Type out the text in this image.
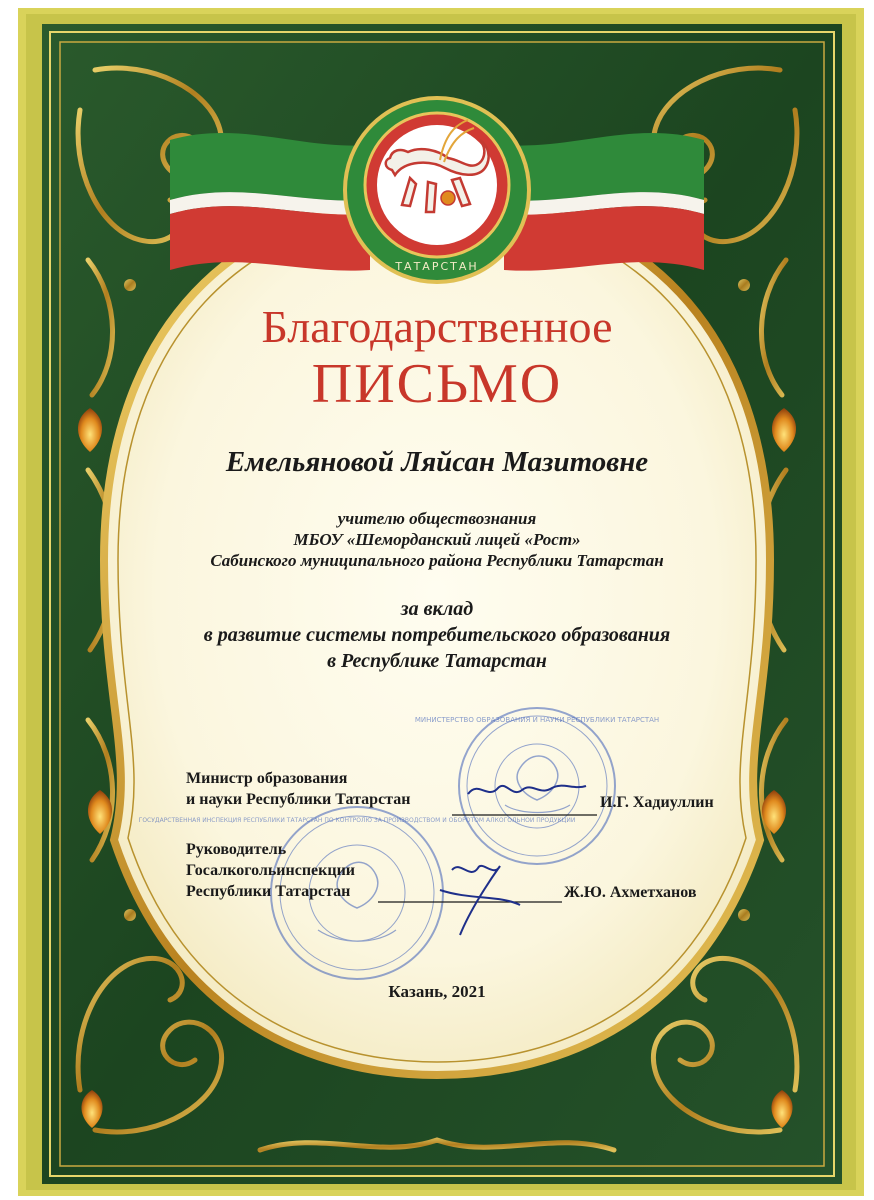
ТАТАРСТАН
МИНИСТЕРСТВО ОБРАЗОВАНИЯ И НАУКИ РЕСПУБЛИКИ ТАТАРСТАН
ГОСУДАРСТВЕННАЯ ИНСПЕКЦИЯ РЕСПУБЛИКИ ТАТАРСТАН ПО КОНТРОЛЮ ЗА ПРОИЗВОДСТВОМ И ОБОРОТОМ АЛКОГОЛЬНОЙ ПРОДУКЦИИ
Благодарственное
ПИСЬМО
Емельяновой Ляйсан Мазитовне
учителю обществознания
МБОУ «Шеморданский лицей «Рост»
Сабинского муниципального района Республики Татарстан
за вклад
в развитие системы потребительского образования
в Республике Татарстан
Министр образования
и науки Республики Татарстан	И.Г. Хадиуллин
Руководитель
Госалкогольинспекции
Республики Татарстан	Ж.Ю. Ахметханов
Казань, 2021
